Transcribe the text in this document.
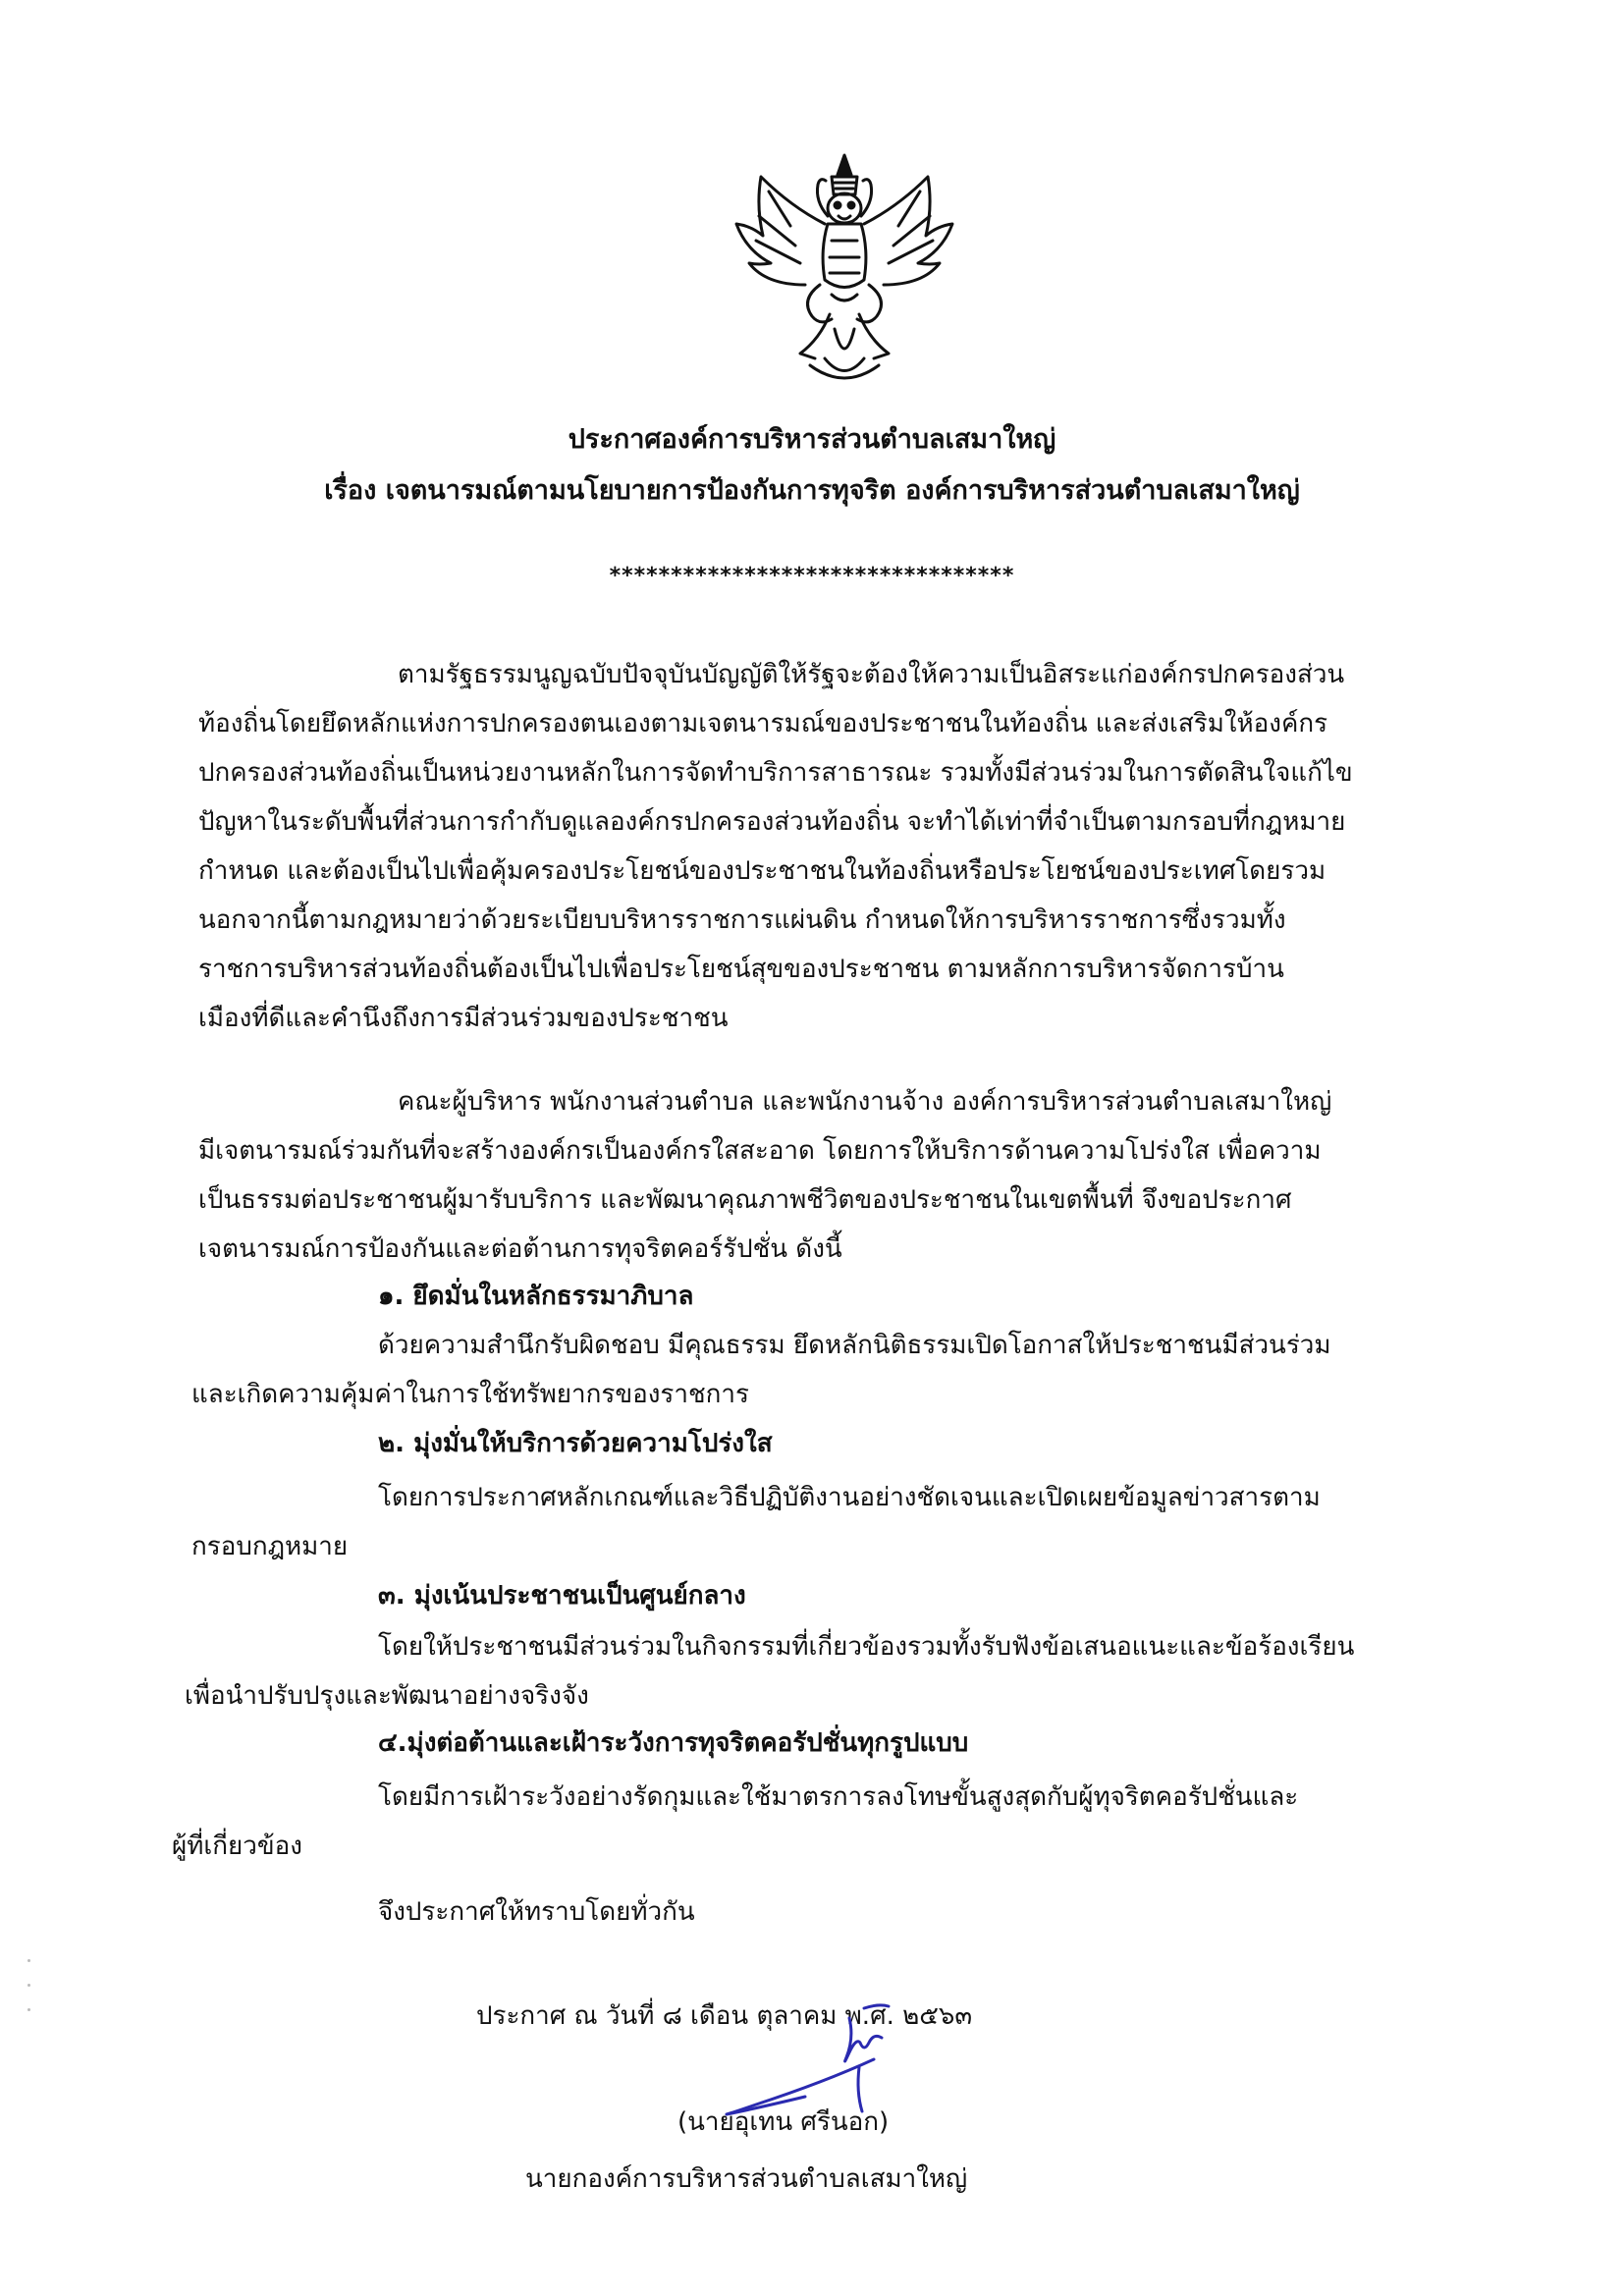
ประกาศองค์การบริหารส่วนตำบลเสมาใหญ่
เรื่อง เจตนารมณ์ตามนโยบายการป้องกันการทุจริต องค์การบริหารส่วนตำบลเสมาใหญ่
*********************************
ตามรัฐธรรมนูญฉบับปัจจุบันบัญญัติให้รัฐจะต้องให้ความเป็นอิสระแก่องค์กรปกครองส่วน
ท้องถิ่นโดยยึดหลักแห่งการปกครองตนเองตามเจตนารมณ์ของประชาชนในท้องถิ่น และส่งเสริมให้องค์กร
ปกครองส่วนท้องถิ่นเป็นหน่วยงานหลักในการจัดทำบริการสาธารณะ รวมทั้งมีส่วนร่วมในการตัดสินใจแก้ไข
ปัญหาในระดับพื้นที่ส่วนการกำกับดูแลองค์กรปกครองส่วนท้องถิ่น จะทำได้เท่าที่จำเป็นตามกรอบที่กฎหมาย
กำหนด และต้องเป็นไปเพื่อคุ้มครองประโยชน์ของประชาชนในท้องถิ่นหรือประโยชน์ของประเทศโดยรวม
นอกจากนี้ตามกฎหมายว่าด้วยระเบียบบริหารราชการแผ่นดิน กำหนดให้การบริหารราชการซึ่งรวมทั้ง
ราชการบริหารส่วนท้องถิ่นต้องเป็นไปเพื่อประโยชน์สุขของประชาชน ตามหลักการบริหารจัดการบ้าน
เมืองที่ดีและคำนึงถึงการมีส่วนร่วมของประชาชน
คณะผู้บริหาร พนักงานส่วนตำบล และพนักงานจ้าง องค์การบริหารส่วนตำบลเสมาใหญ่
มีเจตนารมณ์ร่วมกันที่จะสร้างองค์กรเป็นองค์กรใสสะอาด โดยการให้บริการด้านความโปร่งใส เพื่อความ
เป็นธรรมต่อประชาชนผู้มารับบริการ และพัฒนาคุณภาพชีวิตของประชาชนในเขตพื้นที่ จึงขอประกาศ
เจตนารมณ์การป้องกันและต่อต้านการทุจริตคอร์รัปชั่น ดังนี้
๑. ยึดมั่นในหลักธรรมาภิบาล
ด้วยความสำนึกรับผิดชอบ มีคุณธรรม ยึดหลักนิติธรรมเปิดโอกาสให้ประชาชนมีส่วนร่วม
และเกิดความคุ้มค่าในการใช้ทรัพยากรของราชการ
๒. มุ่งมั่นให้บริการด้วยความโปร่งใส
โดยการประกาศหลักเกณฑ์และวิธีปฏิบัติงานอย่างชัดเจนและเปิดเผยข้อมูลข่าวสารตาม
กรอบกฎหมาย
๓. มุ่งเน้นประชาชนเป็นศูนย์กลาง
โดยให้ประชาชนมีส่วนร่วมในกิจกรรมที่เกี่ยวข้องรวมทั้งรับฟังข้อเสนอแนะและข้อร้องเรียน
เพื่อนำปรับปรุงและพัฒนาอย่างจริงจัง
๔.มุ่งต่อต้านและเฝ้าระวังการทุจริตคอรัปชั่นทุกรูปแบบ
โดยมีการเฝ้าระวังอย่างรัดกุมและใช้มาตรการลงโทษขั้นสูงสุดกับผู้ทุจริตคอรัปชั่นและ
ผู้ที่เกี่ยวข้อง
จึงประกาศให้ทราบโดยทั่วกัน
ประกาศ ณ วันที่ ๘ เดือน ตุลาคม พ.ศ. ๒๕๖๓
(นายอุเทน ศรีนอก)
นายกองค์การบริหารส่วนตำบลเสมาใหญ่
